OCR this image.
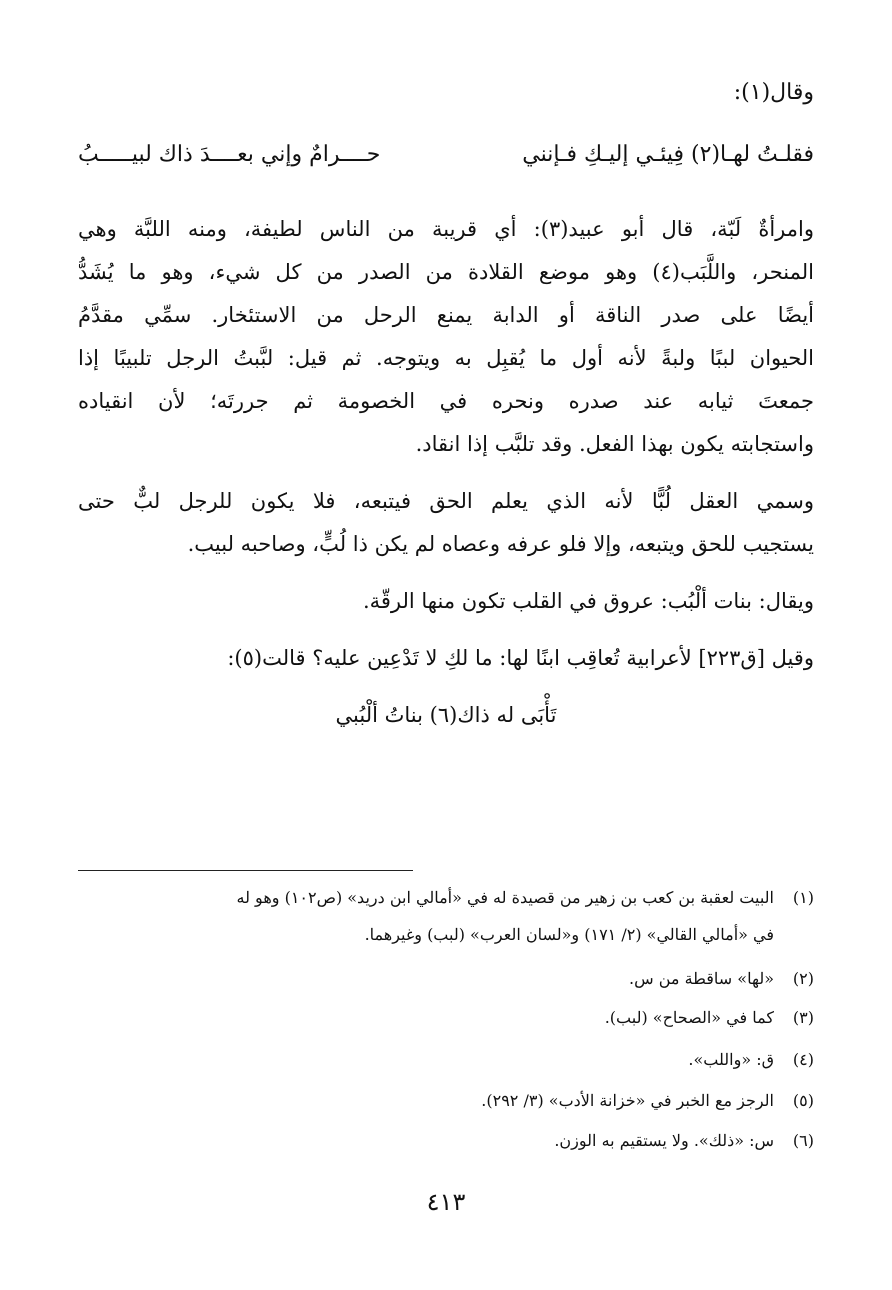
وقال(١):
فقلـتُ لهـا(٢) فِيئـي إليـكِ فـإنني
حــــرامٌ وإني بعــــدَ ذاك لبيـــــبُ
وامرأةٌ لَبّة، قال أبو عبيد(٣): أي قريبة من الناس لطيفة، ومنه اللبَّة وهي
المنحر، واللَّبَب(٤) وهو موضع القلادة من الصدر من كل شيء، وهو ما يُشَدُّ
أيضًا على صدر الناقة أو الدابة يمنع الرحل من الاستئخار. سمِّي مقدَّمُ
الحيوان لببًا ولبةً لأنه أول ما يُقبِل به ويتوجه. ثم قيل: لبَّبتُ الرجل تلبيبًا إذا
جمعتَ ثيابه عند صدره ونحره في الخصومة ثم جررتَه؛ لأن انقياده
واستجابته يكون بهذا الفعل. وقد تلبَّب إذا انقاد.
وسمي العقل لُبًّا لأنه الذي يعلم الحق فيتبعه، فلا يكون للرجل لبٌّ حتى
يستجيب للحق ويتبعه، وإلا فلو عرفه وعصاه لم يكن ذا لُبٍّ، وصاحبه لبيب.
ويقال: بنات ألْبُب: عروق في القلب تكون منها الرقّة.
وقيل [ق٢٢٣] لأعرابية تُعاقِب ابنًا لها: ما لكِ لا تَدْعِين عليه؟ قالت(٥):
تَأْبَى له ذاك(٦) بناتُ ألْبُبي
(١)البيت لعقبة بن كعب بن زهير من قصيدة له في «أمالي ابن دريد» (ص١٠٢) وهو له
في «أمالي القالي» (٢/ ١٧١) و«لسان العرب» (لبب) وغيرهما.
(٢)«لها» ساقطة من س.
(٣)كما في «الصحاح» (لبب).
(٤)ق: «واللب».
(٥)الرجز مع الخبر في «خزانة الأدب» (٣/ ٢٩٢).
(٦)س: «ذلك». ولا يستقيم به الوزن.
٤١٣
